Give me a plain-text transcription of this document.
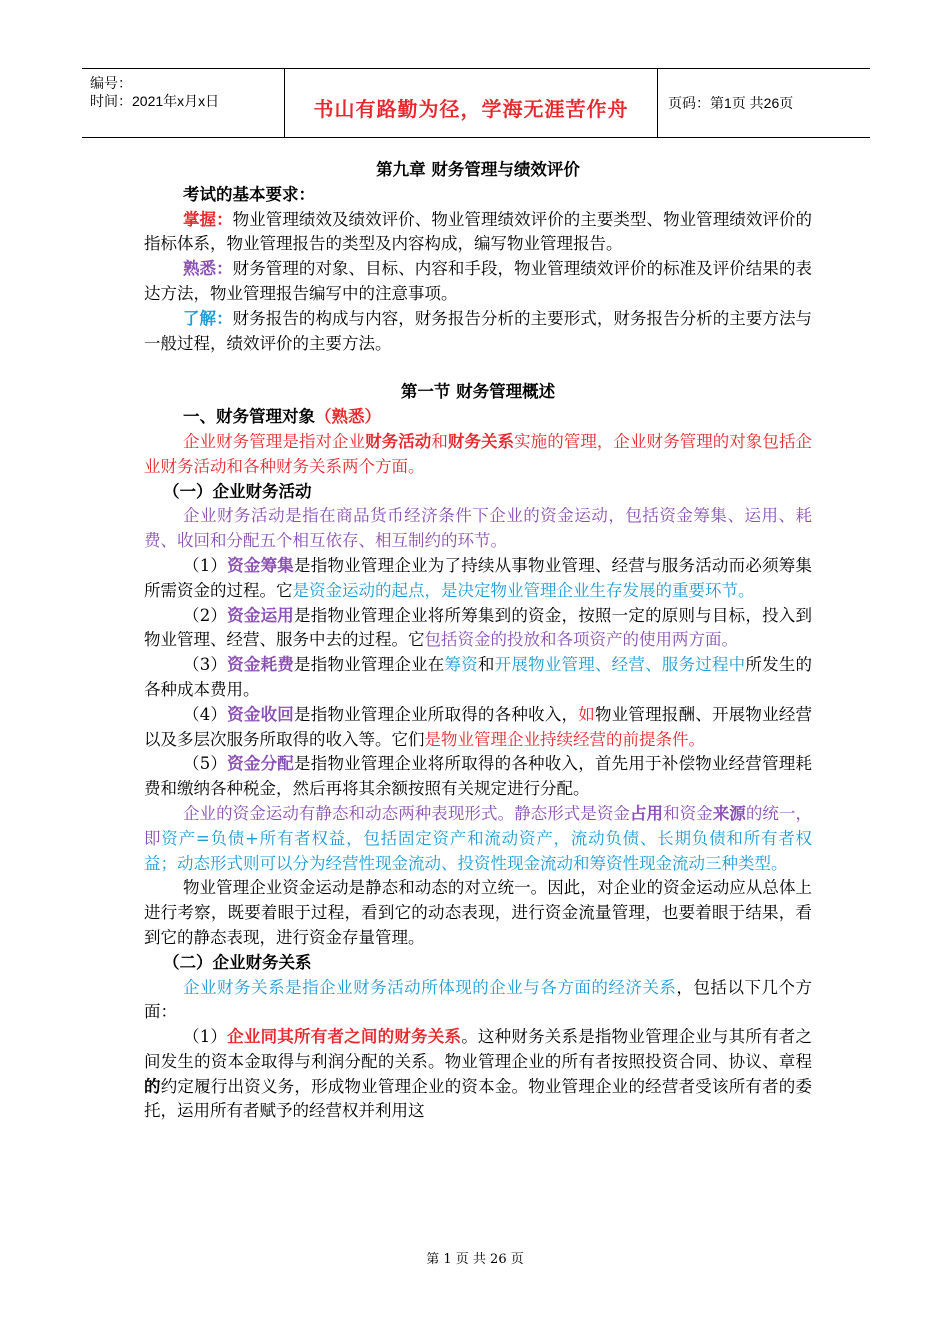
编号：
时间：2021年x月x日	书山有路勤为径，学海无涯苦作舟	页码：第1页 共26页

第九章 财务管理与绩效评价

考试的基本要求：

掌握：物业管理绩效及绩效评价、物业管理绩效评价的主要类型、物业管理绩效评价的指标体系，物业管理报告的类型及内容构成，编写物业管理报告。

熟悉：财务管理的对象、目标、内容和手段，物业管理绩效评价的标准及评价结果的表达方法，物业管理报告编写中的注意事项。

了解：财务报告的构成与内容，财务报告分析的主要形式，财务报告分析的主要方法与一般过程，绩效评价的主要方法。

第一节 财务管理概述

一、财务管理对象（熟悉）

企业财务管理是指对企业财务活动和财务关系实施的管理，企业财务管理的对象包括企业财务活动和各种财务关系两个方面。

（一）企业财务活动

企业财务活动是指在商品货币经济条件下企业的资金运动，包括资金筹集、运用、耗费、收回和分配五个相互依存、相互制约的环节。

（1）资金筹集是指物业管理企业为了持续从事物业管理、经营与服务活动而必须筹集所需资金的过程。它是资金运动的起点，是决定物业管理企业生存发展的重要环节。

（2）资金运用是指物业管理企业将所筹集到的资金，按照一定的原则与目标，投入到物业管理、经营、服务中去的过程。它包括资金的投放和各项资产的使用两方面。

（3）资金耗费是指物业管理企业在筹资和开展物业管理、经营、服务过程中所发生的各种成本费用。

（4）资金收回是指物业管理企业所取得的各种收入，如物业管理报酬、开展物业经营以及多层次服务所取得的收入等。它们是物业管理企业持续经营的前提条件。

（5）资金分配是指物业管理企业将所取得的各种收入，首先用于补偿物业经营管理耗费和缴纳各种税金，然后再将其余额按照有关规定进行分配。

企业的资金运动有静态和动态两种表现形式。静态形式是资金占用和资金来源的统一，即资产=负债+所有者权益，包括固定资产和流动资产，流动负债、长期负债和所有者权益；动态形式则可以分为经营性现金流动、投资性现金流动和筹资性现金流动三种类型。

物业管理企业资金运动是静态和动态的对立统一。因此，对企业的资金运动应从总体上进行考察，既要着眼于过程，看到它的动态表现，进行资金流量管理，也要着眼于结果，看到它的静态表现，进行资金存量管理。

（二）企业财务关系

企业财务关系是指企业财务活动所体现的企业与各方面的经济关系，包括以下几个方面：

（1）企业同其所有者之间的财务关系。这种财务关系是指物业管理企业与其所有者之间发生的资本金取得与利润分配的关系。物业管理企业的所有者按照投资合同、协议、章程的约定履行出资义务，形成物业管理企业的资本金。物业管理企业的经营者受该所有者的委托，运用所有者赋予的经营权并利用这

第 1 页 共 26 页
